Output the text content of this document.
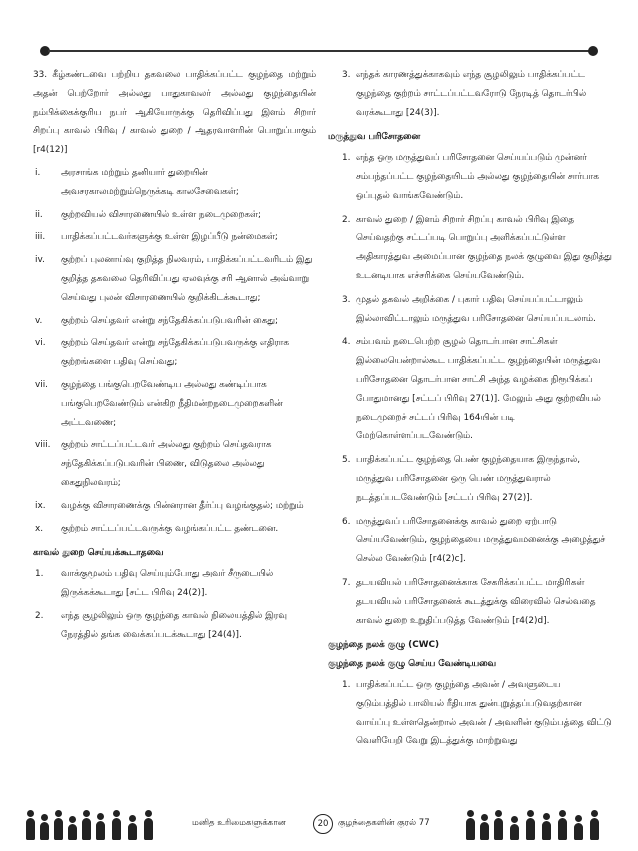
33. கீழ்கண்டவை பற்றிய தகவலை பாதிக்கப்பட்ட குழந்தை மற்றும் அதன் பெற்றோர் அல்லது பாதுகாவலர் அல்லது குழந்தையின் நம்பிக்கைக்குரிய நபர் ஆகியோருக்கு தெரிவிப்பது இளம் சிறார் சிறப்பு காவல் பிரிவு / காவல் துறை / ஆதரவாளரின் பொறுப்பாகும் [r4(12)]

i. அரசாங்க மற்றும் தனியார் துறையின் அவசரகாலமற்றும்நெருக்கடி காலசேவைகள்;
ii. குற்றவியல் விசாரணையில் உள்ள நடைமுறைகள்;
iii. பாதிக்கப்பட்டவர்களுக்கு உள்ள இழப்பீடு நன்மைகள்;
iv. குற்றப் புலனாய்வு குறித்த நிலவரம், பாதிக்கப்பட்டவரிடம் இது குறித்த தகவலை தெரிவிப்பது ஏலவுக்கு சரி ஆனால் அவ்வாறு செய்வது புலன் விசாரணையில் குறிக்கிடக்கூடாது;
v. குற்றம் செய்தவர் என்று சந்தேகிக்கப்படுபவரின் கைது;
vi. குற்றம் செய்தவர் என்று சந்தேகிக்கப்படுபவருக்கு எதிராக குற்றங்களை பதிவு செய்வது;
vii. குழந்தை பங்குபெறவேண்டிய அல்லது கண்டிப்பாக பங்குபெறவேண்டும் என்கிற நீதிமன்றநடைமுறைகளின் அட்டவணை;
viii. குற்றம் சாட்டப்பட்டவர் அல்லது குற்றம் செய்தவராக சந்தேகிக்கப்படுபவரின் பிணை, விடுதலை அல்லது கைதுநிலவரம்;
ix. வழக்கு விசாரணைக்கு பின்னரான தீர்ப்பு வழங்குதல்; மற்றும்
x. குற்றம் சாட்டப்பட்டவருக்கு வழங்கப்பட்ட தண்டனை.

காவல் துறை செய்யக்கூடாதவை

1. வாக்குமூலம் பதிவு செய்யும்போது அவர் சீருடையில் இருக்கக்கூடாது [சட்ட பிரிவு 24(2)].
2. எந்த சூழலிலும் ஒரு குழந்தை காவல் நிலையத்தில் இரவு நேரத்தில் தங்க வைக்கப்படக்கூடாது [24(4)].
3. எந்தக் காரணத்துக்காகவும் எந்த சூழலிலும் பாதிக்கப்பட்ட குழந்தை குற்றம் சாட்டப்பட்டவரோடு நேரடித் தொடர்பில் வரக்கூடாது [24(3)].

மருத்துவ பரிசோதனை

1. எந்த ஒரு மருத்துவப் பரிசோதனை செய்யப்படும் முன்னர் சம்பந்தப்பட்ட குழந்தையிடம் அல்லது குழந்தையின் சார்பாக ஒப்புதல் வாங்கவேண்டும்.
2. காவல் துறை / இளம் சிறார் சிறப்பு காவல் பிரிவு இதை செய்வதற்கு சட்டப்படி பொறுப்பு அளிக்கப்பட்டுள்ள அதிகாரத்துவ அமைப்பான குழந்தை நலக் குழுவை இது குறித்து உடனடியாக எச்சரிக்கை செய்யவேண்டும்.
3. முதல் தகவல் அறிக்கை / புகார் பதிவு செய்யப்பட்டாலும் இல்லாவிட்டாலும் மருத்துவ பரிசோதனை செய்யப்படலாம்.
4. சம்பவம் நடைபெற்ற சூழல் தொடர்பான சாட்சிகள் இல்லையென்றால்கூட பாதிக்கப்பட்ட குழந்தையின் மருத்துவ பரிசோதனை தொடர்பான சாட்சி அந்த வழக்கை நிரூபிக்கப் போதுமானது [சட்டப் பிரிவு 27(1)]. மேலும் அது குற்றவியல் நடைமுறைச் சட்டப் பிரிவு 164யின் படி மேற்கொள்ளப்படவேண்டும்.
5. பாதிக்கப்பட்ட குழந்தை பெண் குழந்தையாக இருந்தால், மருத்துவ பரிசோதனை ஒரு பெண் மருத்துவரால் நடத்தப்படவேண்டும் [சட்டப் பிரிவு 27(2)].
6. மருத்துவப் பரிசோதனைக்கு காவல் துறை ஏற்பாடு செய்யவேண்டும், குழந்தையை மருத்துவமனைக்கு அழைத்துச் செல்ல வேண்டும் [r4(2)c].
7. தடயவியல் பரிசோதனைக்காக சேகரிக்கப்பட்ட மாதிரிகள் தடயவியல் பரிசோதனைக் கூடத்துக்கு விரைவில் செல்வதை காவல் துறை உறுதிப்படுத்த வேண்டும் [r4(2)d].

குழந்தை நலக் குழு (CWC)

குழந்தை நலக் குழு செய்ய வேண்டியவை

1. பாதிக்கப்பட்ட ஒரு குழந்தை அவன் / அவளுடைய குடும்பத்தில் பாலியல் ரீதியாக துன்புறுத்தப்படுவதற்கான வாய்ப்பு உள்ளதென்றால் அவன் / அவளின் குடும்பத்தை விட்டு வெளியேறி வேறு இடத்துக்கு மாற்றுவது
மனித உரிமைகளுக்கான	20	குழந்தைகளின் குரல் 77
